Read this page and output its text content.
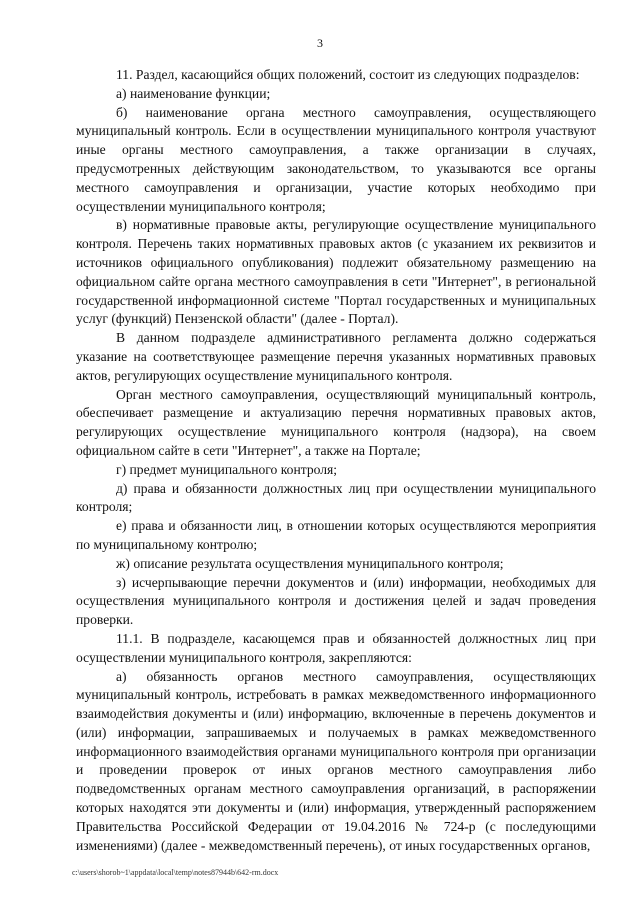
3

11. Раздел, касающийся общих положений, состоит из следующих подразделов:

а) наименование функции;

б) наименование органа местного самоуправления, осуществляющего муниципальный контроль. Если в осуществлении муниципального контроля участвуют иные органы местного самоуправления, а также организации в случаях, предусмотренных действующим законодательством, то указываются все органы местного самоуправления и организации, участие которых необходимо при осуществлении муниципального контроля;

в) нормативные правовые акты, регулирующие осуществление муниципального контроля. Перечень таких нормативных правовых актов (с указанием их реквизитов и источников официального опубликования) подлежит обязательному размещению на официальном сайте органа местного самоуправления в сети "Интернет", в региональной государственной информационной системе "Портал государственных и муниципальных услуг (функций) Пензенской области" (далее - Портал).

В данном подразделе административного регламента должно содержаться указание на соответствующее размещение перечня указанных нормативных правовых актов, регулирующих осуществление муниципального контроля.

Орган местного самоуправления, осуществляющий муниципальный контроль, обеспечивает размещение и актуализацию перечня нормативных правовых актов, регулирующих осуществление муниципального контроля (надзора), на своем официальном сайте в сети "Интернет", а также на Портале;

г) предмет муниципального контроля;

д) права и обязанности должностных лиц при осуществлении муниципального контроля;

е) права и обязанности лиц, в отношении которых осуществляются мероприятия по муниципальному контролю;

ж) описание результата осуществления муниципального контроля;

з) исчерпывающие перечни документов и (или) информации, необходимых для осуществления муниципального контроля и достижения целей и задач проведения проверки.

11.1. В подразделе, касающемся прав и обязанностей должностных лиц при осуществлении муниципального контроля, закрепляются:

а) обязанность органов местного самоуправления, осуществляющих муниципальный контроль, истребовать в рамках межведомственного информационного взаимодействия документы и (или) информацию, включенные в перечень документов и (или) информации, запрашиваемых и получаемых в рамках межведомственного информационного взаимодействия органами муниципального контроля при организации и проведении проверок от иных органов местного самоуправления либо подведомственных органам местного самоуправления организаций, в распоряжении которых находятся эти документы и (или) информация, утвержденный распоряжением Правительства Российской Федерации от 19.04.2016 № 724-р (с последующими изменениями) (далее - межведомственный перечень), от иных государственных органов,

c:\users\shorob~1\appdata\local\temp\notes87944b\642-rm.docx
